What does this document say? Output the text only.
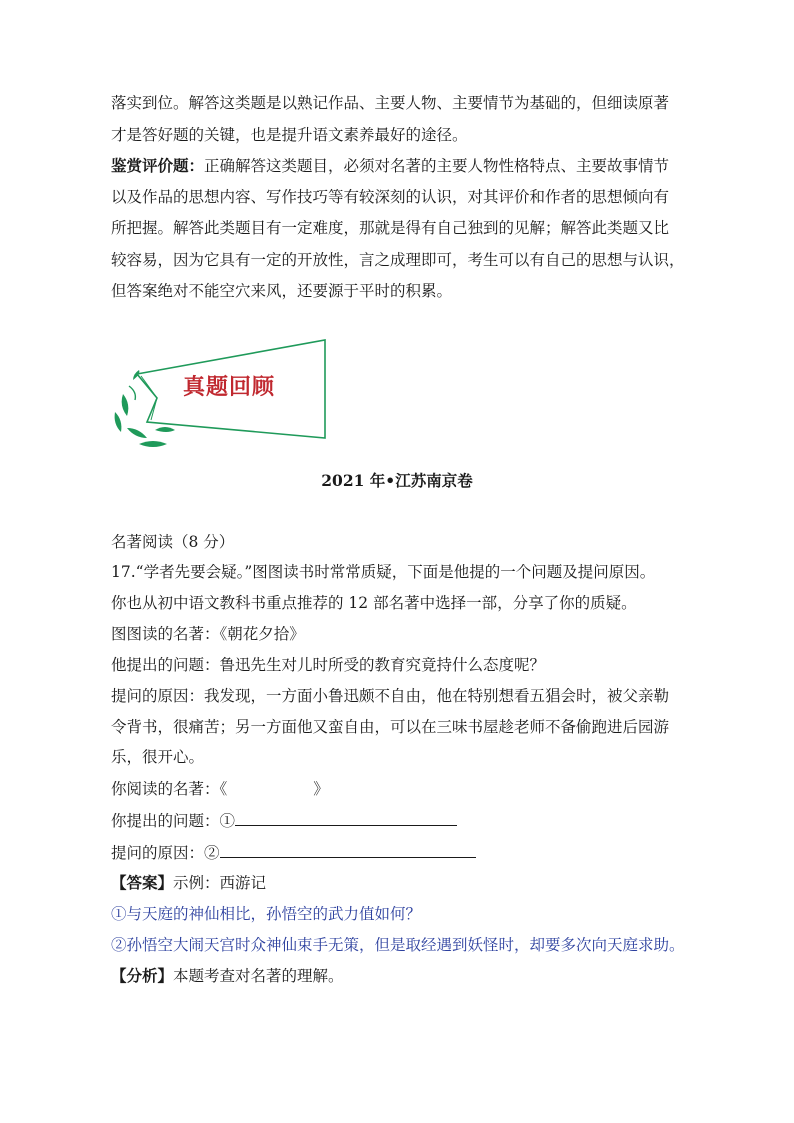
落实到位。解答这类题是以熟记作品、主要人物、主要情节为基础的，但细读原著
才是答好题的关键，也是提升语文素养最好的途径。
鉴赏评价题：正确解答这类题目，必须对名著的主要人物性格特点、主要故事情节
以及作品的思想内容、写作技巧等有较深刻的认识，对其评价和作者的思想倾向有
所把握。解答此类题目有一定难度，那就是得有自己独到的见解；解答此类题又比
较容易，因为它具有一定的开放性，言之成理即可，考生可以有自己的思想与认识，
但答案绝对不能空穴来风，还要源于平时的积累。
真题回顾
2021 年•江苏南京卷
名著阅读（8 分）
17.“学者先要会疑。”图图读书时常常质疑，下面是他提的一个问题及提问原因。
你也从初中语文教科书重点推荐的 12 部名著中选择一部，分享了你的质疑。
图图读的名著：《朝花夕拾》
他提出的问题：鲁迅先生对儿时所受的教育究竟持什么态度呢？
提问的原因：我发现，一方面小鲁迅颇不自由，他在特别想看五猖会时，被父亲勒
令背书，很痛苦；另一方面他又蛮自由，可以在三味书屋趁老师不备偷跑进后园游
乐，很开心。
你阅读的名著：《	》
你提出的问题：①
提问的原因：②
【答案】示例：西游记
①与天庭的神仙相比，孙悟空的武力值如何？
②孙悟空大闹天宫时众神仙束手无策，但是取经遇到妖怪时，却要多次向天庭求助。
【分析】本题考查对名著的理解。
